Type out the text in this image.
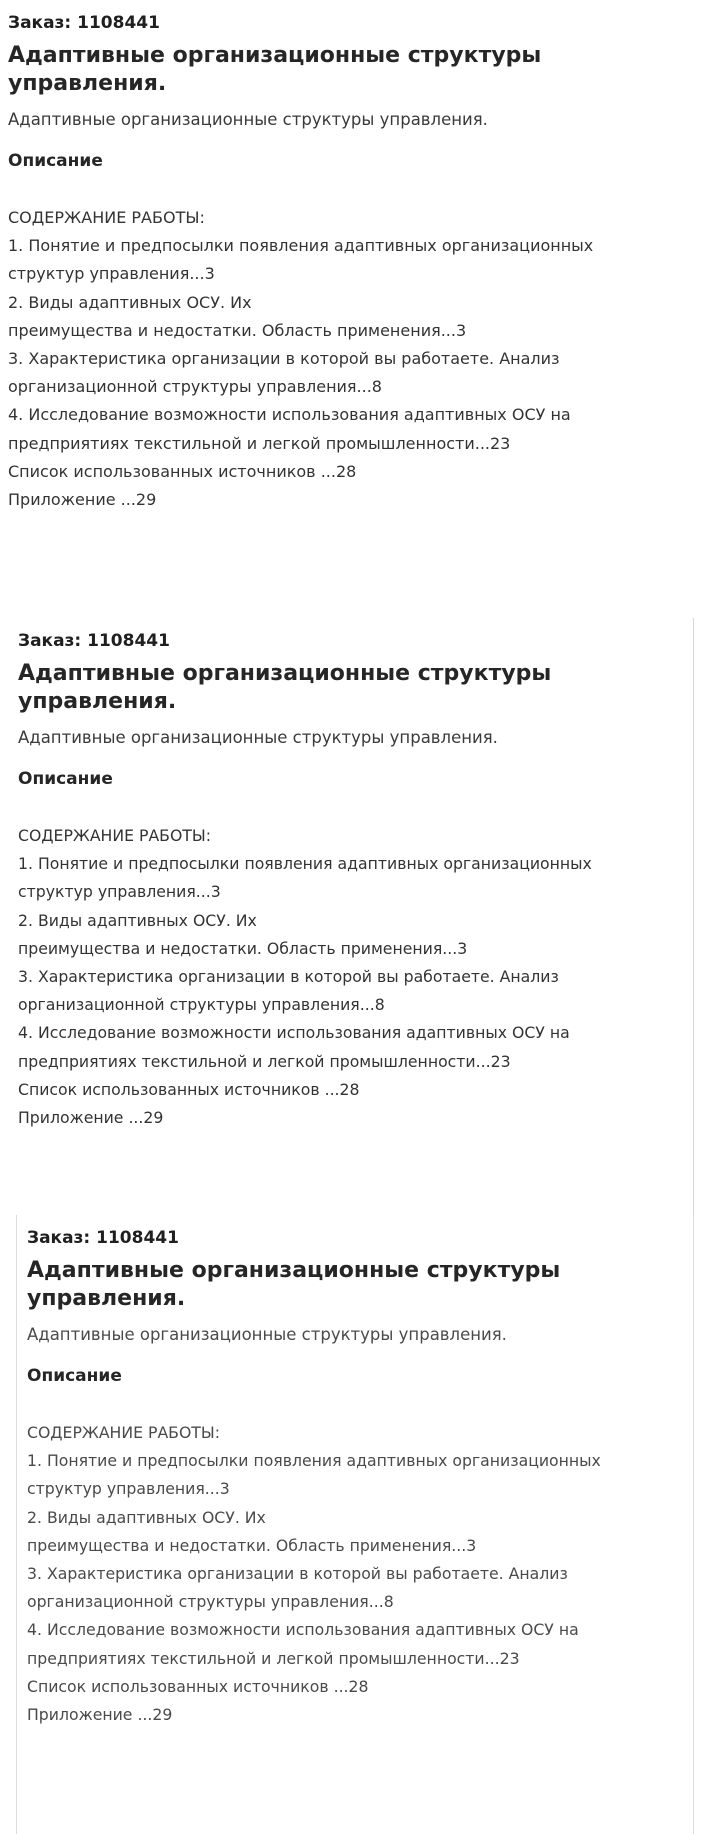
Заказ: 1108441
Адаптивные организационные структуры
управления.
Адаптивные организационные структуры управления.
Описание
СОДЕРЖАНИЕ РАБОТЫ:
1. Понятие и предпосылки появления адаптивных организационных
структур управления...3
2. Виды адаптивных ОСУ. Их
преимущества и недостатки. Область применения...3
3. Характеристика организации в которой вы работаете. Анализ
организационной структуры управления...8
4. Исследование возможности использования адаптивных ОСУ на
предприятиях текстильной и легкой промышленности...23
Список использованных источников ...28
Приложение ...29
Заказ: 1108441
Адаптивные организационные структуры
управления.
Адаптивные организационные структуры управления.
Описание
СОДЕРЖАНИЕ РАБОТЫ:
1. Понятие и предпосылки появления адаптивных организационных
структур управления...3
2. Виды адаптивных ОСУ. Их
преимущества и недостатки. Область применения...3
3. Характеристика организации в которой вы работаете. Анализ
организационной структуры управления...8
4. Исследование возможности использования адаптивных ОСУ на
предприятиях текстильной и легкой промышленности...23
Список использованных источников ...28
Приложение ...29
Заказ: 1108441
Адаптивные организационные структуры
управления.
Адаптивные организационные структуры управления.
Описание
СОДЕРЖАНИЕ РАБОТЫ:
1. Понятие и предпосылки появления адаптивных организационных
структур управления...3
2. Виды адаптивных ОСУ. Их
преимущества и недостатки. Область применения...3
3. Характеристика организации в которой вы работаете. Анализ
организационной структуры управления...8
4. Исследование возможности использования адаптивных ОСУ на
предприятиях текстильной и легкой промышленности...23
Список использованных источников ...28
Приложение ...29
